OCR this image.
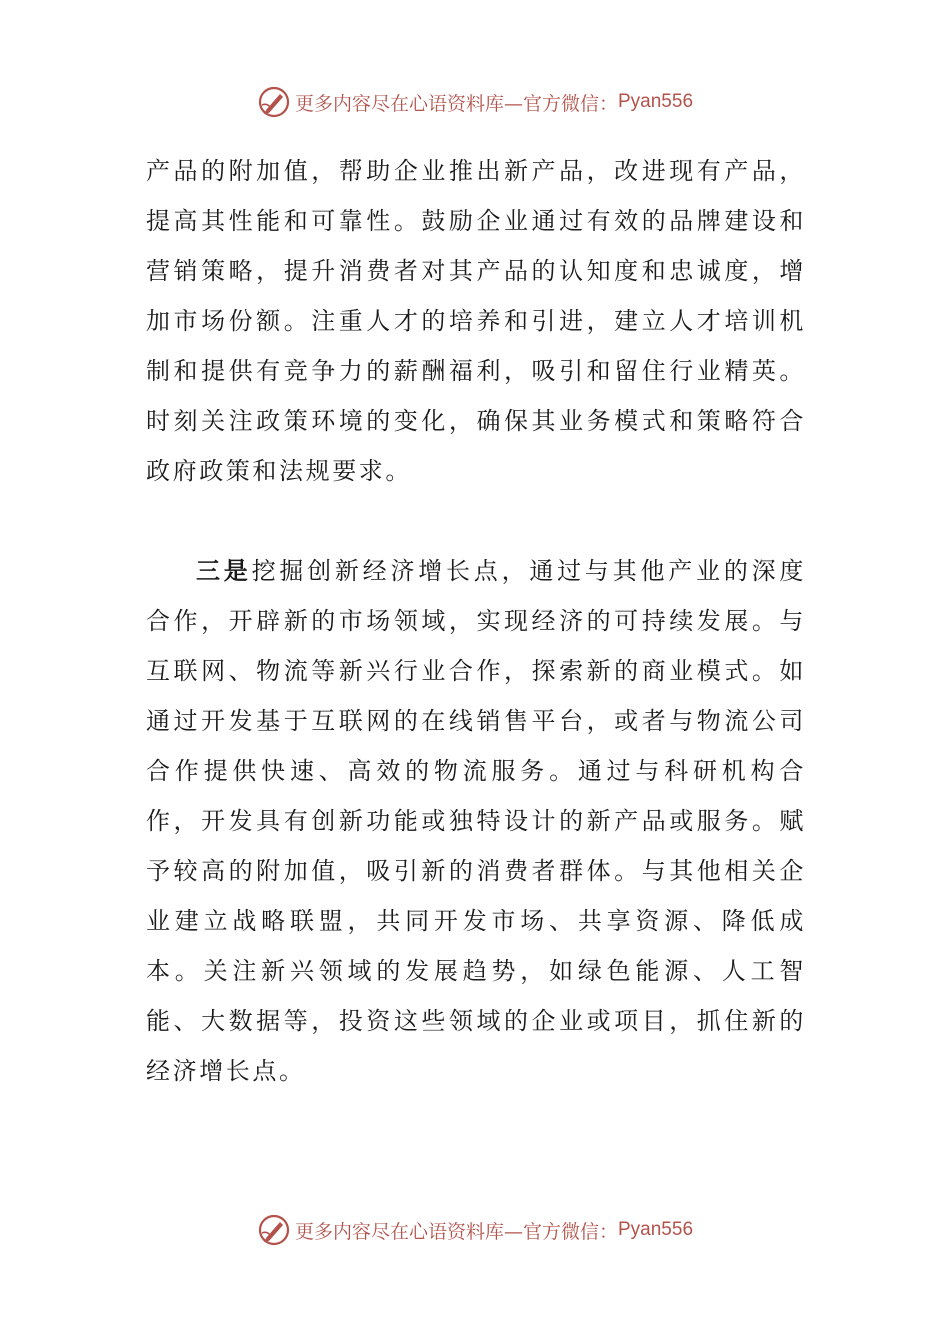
更多内容尽在心语资料库—官方微信： Pyan556

产品的附加值，帮助企业推出新产品，改进现有产品，提高其性能和可靠性。鼓励企业通过有效的品牌建设和营销策略，提升消费者对其产品的认知度和忠诚度，增加市场份额。注重人才的培养和引进，建立人才培训机制和提供有竞争力的薪酬福利，吸引和留住行业精英。时刻关注政策环境的变化，确保其业务模式和策略符合政府政策和法规要求。

三是挖掘创新经济增长点，通过与其他产业的深度合作，开辟新的市场领域，实现经济的可持续发展。与互联网、物流等新兴行业合作，探索新的商业模式。如通过开发基于互联网的在线销售平台，或者与物流公司合作提供快速、高效的物流服务。通过与科研机构合作，开发具有创新功能或独特设计的新产品或服务。赋予较高的附加值，吸引新的消费者群体。与其他相关企业建立战略联盟，共同开发市场、共享资源、降低成本。关注新兴领域的发展趋势，如绿色能源、人工智能、大数据等，投资这些领域的企业或项目，抓住新的经济增长点。

更多内容尽在心语资料库—官方微信： Pyan556
